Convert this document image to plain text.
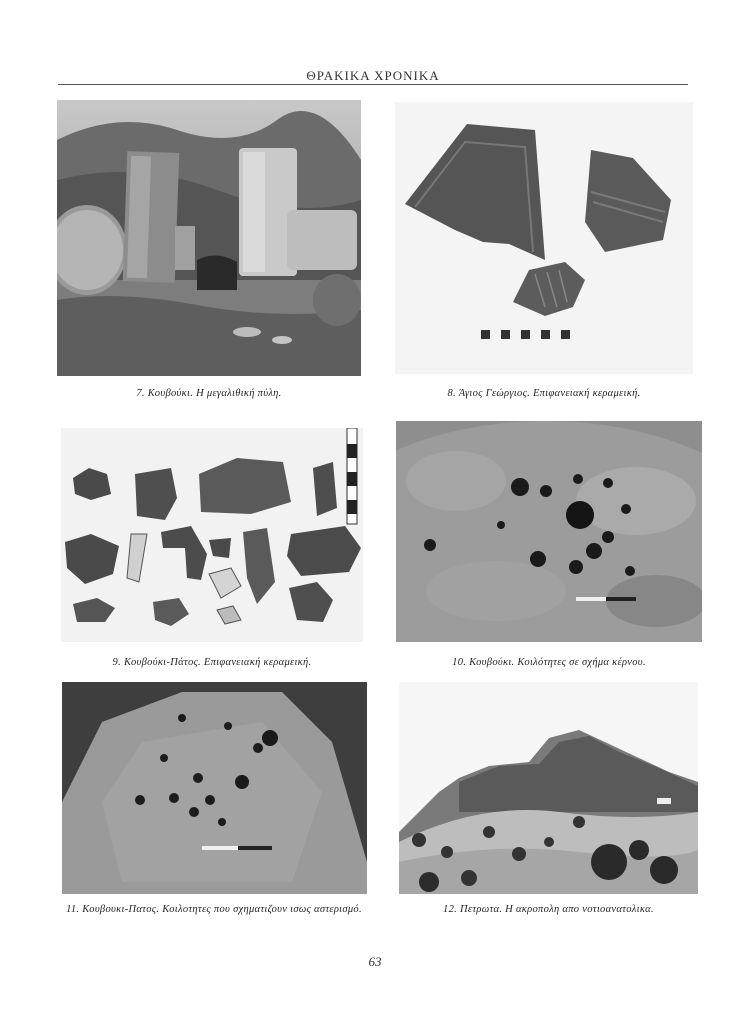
ΘΡΑΚΙΚΑ ΧΡΟΝΙΚΑ
7. Κουβούκι. Η μεγαλιθική πύλη.	8. Άγιος Γεώργιος. Επιφανειακή κεραμεική.
9. Κουβούκι-Πάτος. Επιφανειακή κεραμεική.	10. Κουβούκι. Κοιλότητες σε σχήμα κέρνου.
11. Κουβουκι-Πατος. Κοιλοτητες που σχηματιζουν ισως αστερισμό.	12. Πετρωτα. Η ακροπολη απο νοτιοανατολικα.
63
